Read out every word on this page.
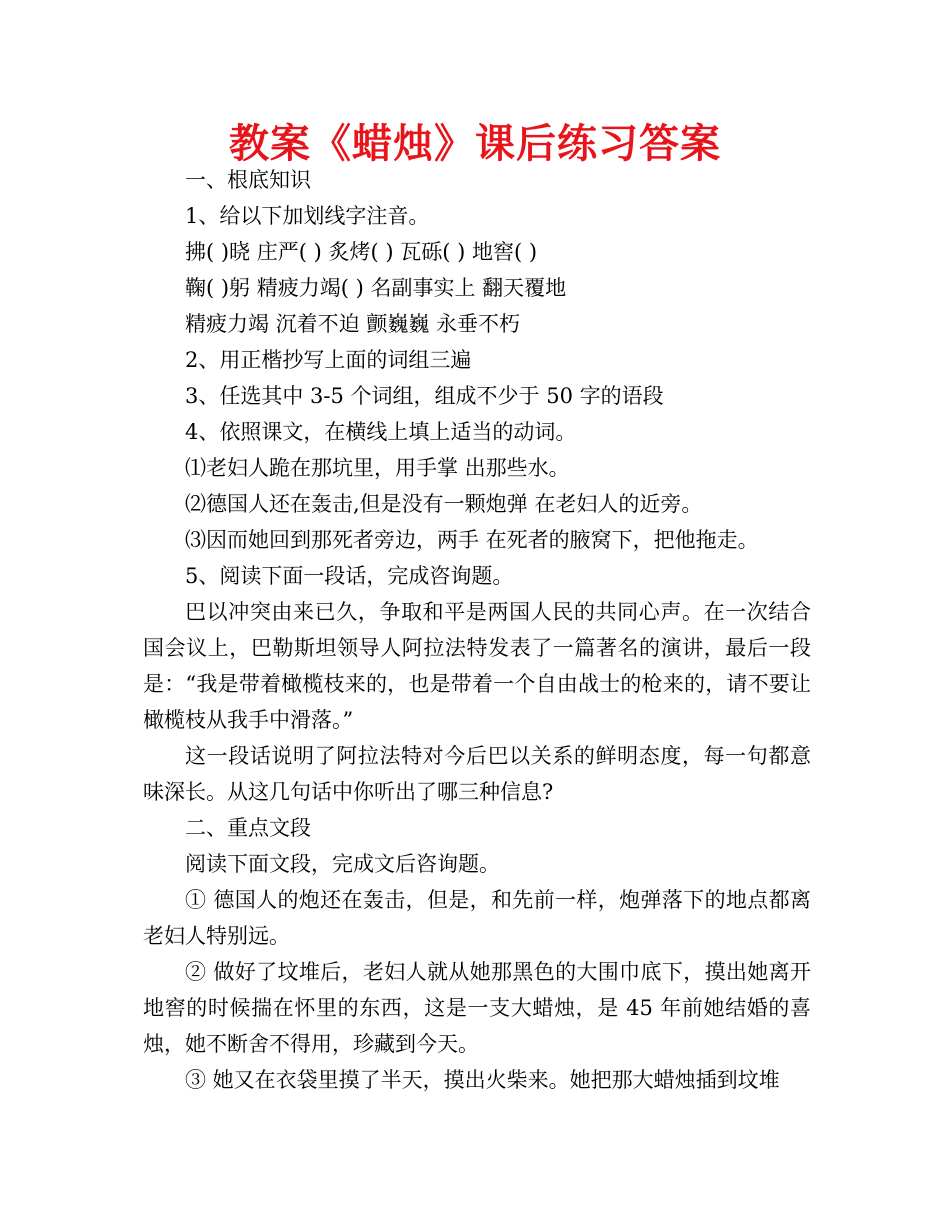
教案《蜡烛》课后练习答案

一、根底知识

1、给以下加划线字注音。

拂( )晓 庄严( ) 炙烤( ) 瓦砾( ) 地窖( )

鞠( )躬 精疲力竭( ) 名副事实上 翻天覆地

精疲力竭 沉着不迫 颤巍巍 永垂不朽

2、用正楷抄写上面的词组三遍

3、任选其中 3-5 个词组，组成不少于 50 字的语段

4、依照课文，在横线上填上适当的动词。

⑴老妇人跪在那坑里，用手掌 出那些水。

⑵德国人还在轰击,但是没有一颗炮弹 在老妇人的近旁。

⑶因而她回到那死者旁边，两手 在死者的腋窝下，把他拖走。

5、阅读下面一段话，完成咨询题。

巴以冲突由来已久，争取和平是两国人民的共同心声。在一次结合国会议上，巴勒斯坦领导人阿拉法特发表了一篇著名的演讲，最后一段是：“我是带着橄榄枝来的，也是带着一个自由战士的枪来的，请不要让橄榄枝从我手中滑落。”

这一段话说明了阿拉法特对今后巴以关系的鲜明态度，每一句都意味深长。从这几句话中你听出了哪三种信息?

二、重点文段

阅读下面文段，完成文后咨询题。

① 德国人的炮还在轰击，但是，和先前一样，炮弹落下的地点都离老妇人特别远。

② 做好了坟堆后，老妇人就从她那黑色的大围巾底下，摸出她离开地窖的时候揣在怀里的东西，这是一支大蜡烛，是 45 年前她结婚的喜烛，她不断舍不得用，珍藏到今天。

③ 她又在衣袋里摸了半天，摸出火柴来。她把那大蜡烛插到坟堆
